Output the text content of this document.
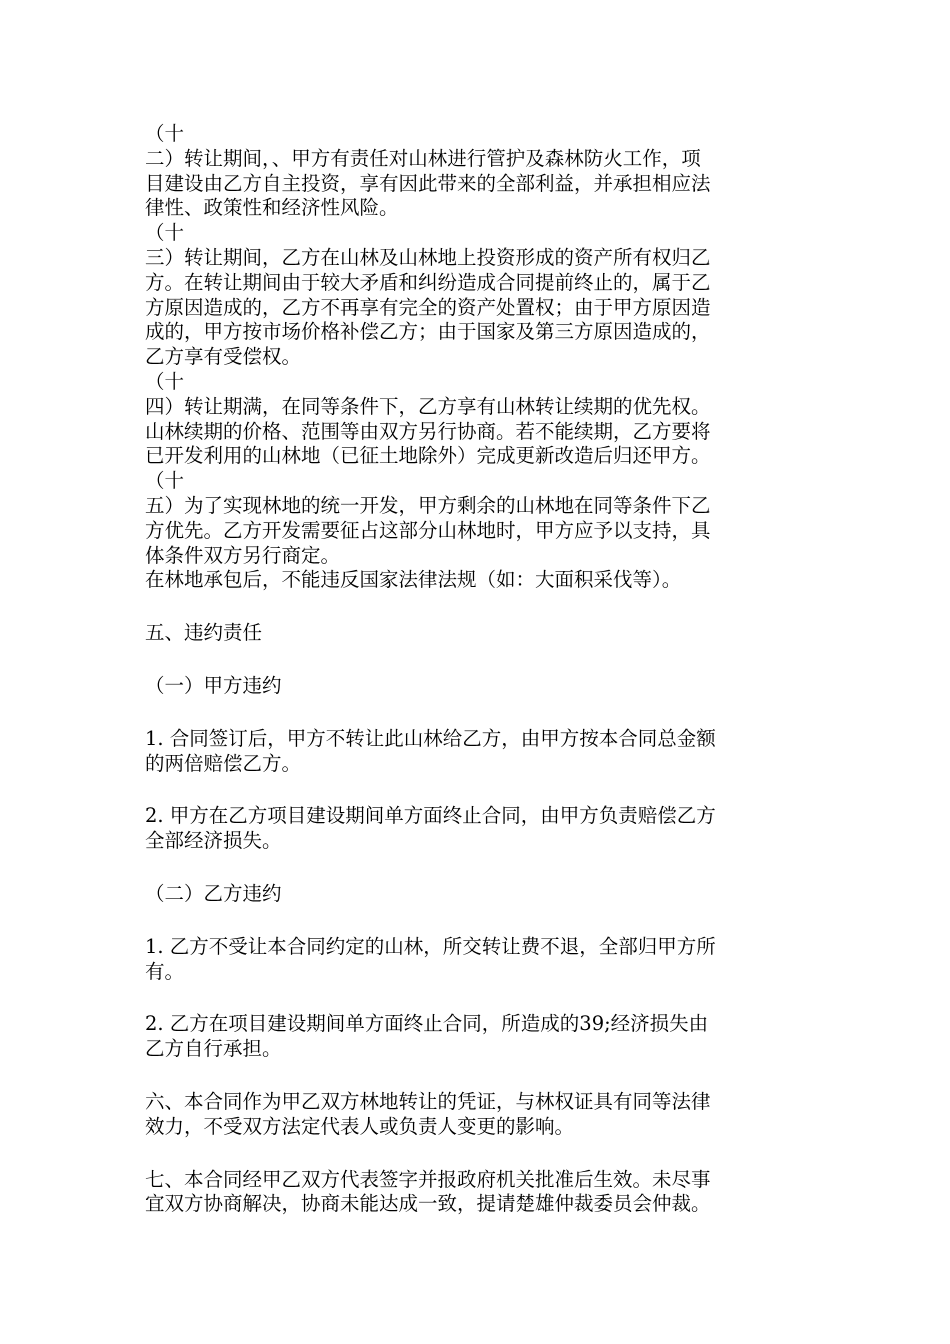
（十
二）转让期间，、甲方有责任对山林进行管护及森林防火工作，项
目建设由乙方自主投资，享有因此带来的全部利益，并承担相应法
律性、政策性和经济性风险。
（十
三）转让期间，乙方在山林及山林地上投资形成的资产所有权归乙
方。在转让期间由于较大矛盾和纠纷造成合同提前终止的，属于乙
方原因造成的，乙方不再享有完全的资产处置权；由于甲方原因造
成的，甲方按市场价格补偿乙方；由于国家及第三方原因造成的，
乙方享有受偿权。
（十
四）转让期满，在同等条件下，乙方享有山林转让续期的优先权。
山林续期的价格、范围等由双方另行协商。若不能续期，乙方要将
已开发利用的山林地（已征土地除外）完成更新改造后归还甲方。
（十
五）为了实现林地的统一开发，甲方剩余的山林地在同等条件下乙
方优先。乙方开发需要征占这部分山林地时，甲方应予以支持，具
体条件双方另行商定。
在林地承包后，不能违反国家法律法规（如：大面积采伐等）。
五、违约责任
（一）甲方违约
1. 合同签订后，甲方不转让此山林给乙方，由甲方按本合同总金额
的两倍赔偿乙方。
2. 甲方在乙方项目建设期间单方面终止合同，由甲方负责赔偿乙方
全部经济损失。
（二）乙方违约
1. 乙方不受让本合同约定的山林，所交转让费不退，全部归甲方所
有。
2. 乙方在项目建设期间单方面终止合同，所造成的39;经济损失由
乙方自行承担。
六、本合同作为甲乙双方林地转让的凭证，与林权证具有同等法律
效力，不受双方法定代表人或负责人变更的影响。
七、本合同经甲乙双方代表签字并报政府机关批准后生效。未尽事
宜双方协商解决，协商未能达成一致，提请楚雄仲裁委员会仲裁。
